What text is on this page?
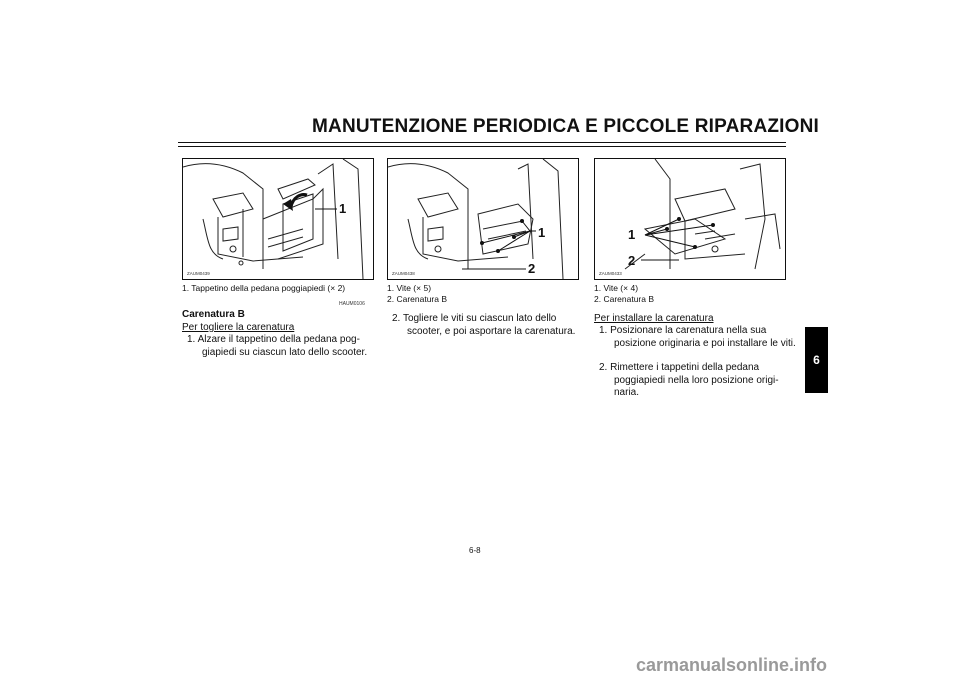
MANUTENZIONE PERIODICA E PICCOLE RIPARAZIONI
6
ZAUM0439
1
ZAUM0438
1
2	ZAUM0433
1
2
1. Tappetino della pedana poggiapiedi (× 2)	1. Vite (× 5)
2. Carenatura B
1. Vite (× 4)
2. Carenatura B
HAUM0106
Carenatura B
Per togliere la carenatura
1. Alzare il tappetino della pedana pog- giapiedi su ciascun lato dello scooter.
2. Togliere le viti su ciascun lato dello scooter, e poi asportare la carenatura.
Per installare la carenatura
1. Posizionare la carenatura nella sua posizione originaria e poi installare le viti.
2. Rimettere i tappetini della pedana poggiapiedi nella loro posizione origi- naria.
6-8
carmanualsonline.info
